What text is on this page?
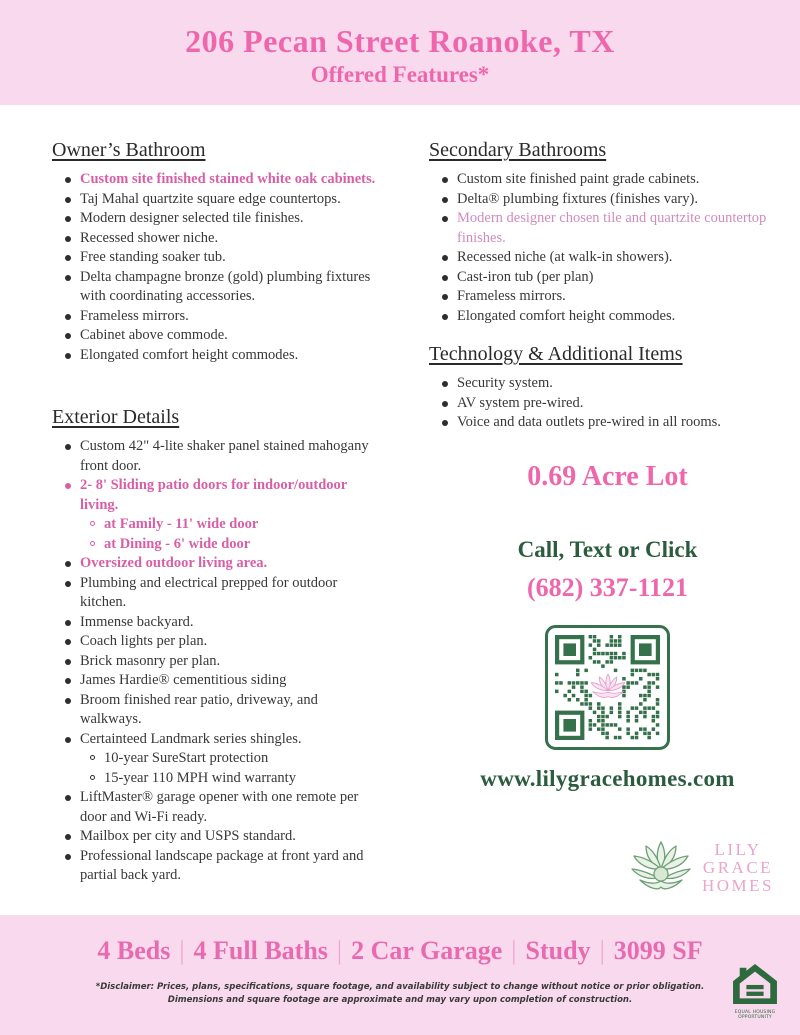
206 Pecan Street Roanoke, TX
Offered Features*
Owner’s Bathroom
Custom site finished stained white oak cabinets.
Taj Mahal quartzite square edge countertops.
Modern designer selected tile finishes.
Recessed shower niche.
Free standing soaker tub.
Delta champagne bronze (gold) plumbing fixtures with coordinating accessories.
Frameless mirrors.
Cabinet above commode.
Elongated comfort height commodes.
Exterior Details
Custom 42" 4-lite shaker panel stained mahogany front door.
2- 8' Sliding patio doors for indoor/outdoor living.
at Family - 11' wide door
at Dining - 6' wide door
Oversized outdoor living area.
Plumbing and electrical prepped for outdoor kitchen.
Immense backyard.
Coach lights per plan.
Brick masonry per plan.
James Hardie® cementitious siding
Broom finished rear patio, driveway, and walkways.
Certainteed Landmark series shingles.
10-year SureStart protection
15-year 110 MPH wind warranty
LiftMaster® garage opener with one remote per door and Wi-Fi ready.
Mailbox per city and USPS standard.
Professional landscape package at front yard and partial back yard.
Secondary Bathrooms
Custom site finished paint grade cabinets.
Delta® plumbing fixtures (finishes vary).
Modern designer chosen tile and quartzite countertop finishes.
Recessed niche (at walk-in showers).
Cast-iron tub (per plan)
Frameless mirrors.
Elongated comfort height commodes.
Technology & Additional Items
Security system.
AV system pre-wired.
Voice and data outlets pre-wired in all rooms.
0.69 Acre Lot
Call, Text or Click
(682) 337-1121
www.lilygracehomes.com
LILY
GRACE
HOMES
4 Beds | 4 Full Baths | 2 Car Garage | Study | 3099 SF
*Disclaimer: Prices, plans, specifications, square footage, and availability subject to change without notice or prior obligation. Dimensions and square footage are approximate and may vary upon completion of construction.
EQUAL HOUSING OPPORTUNITY
